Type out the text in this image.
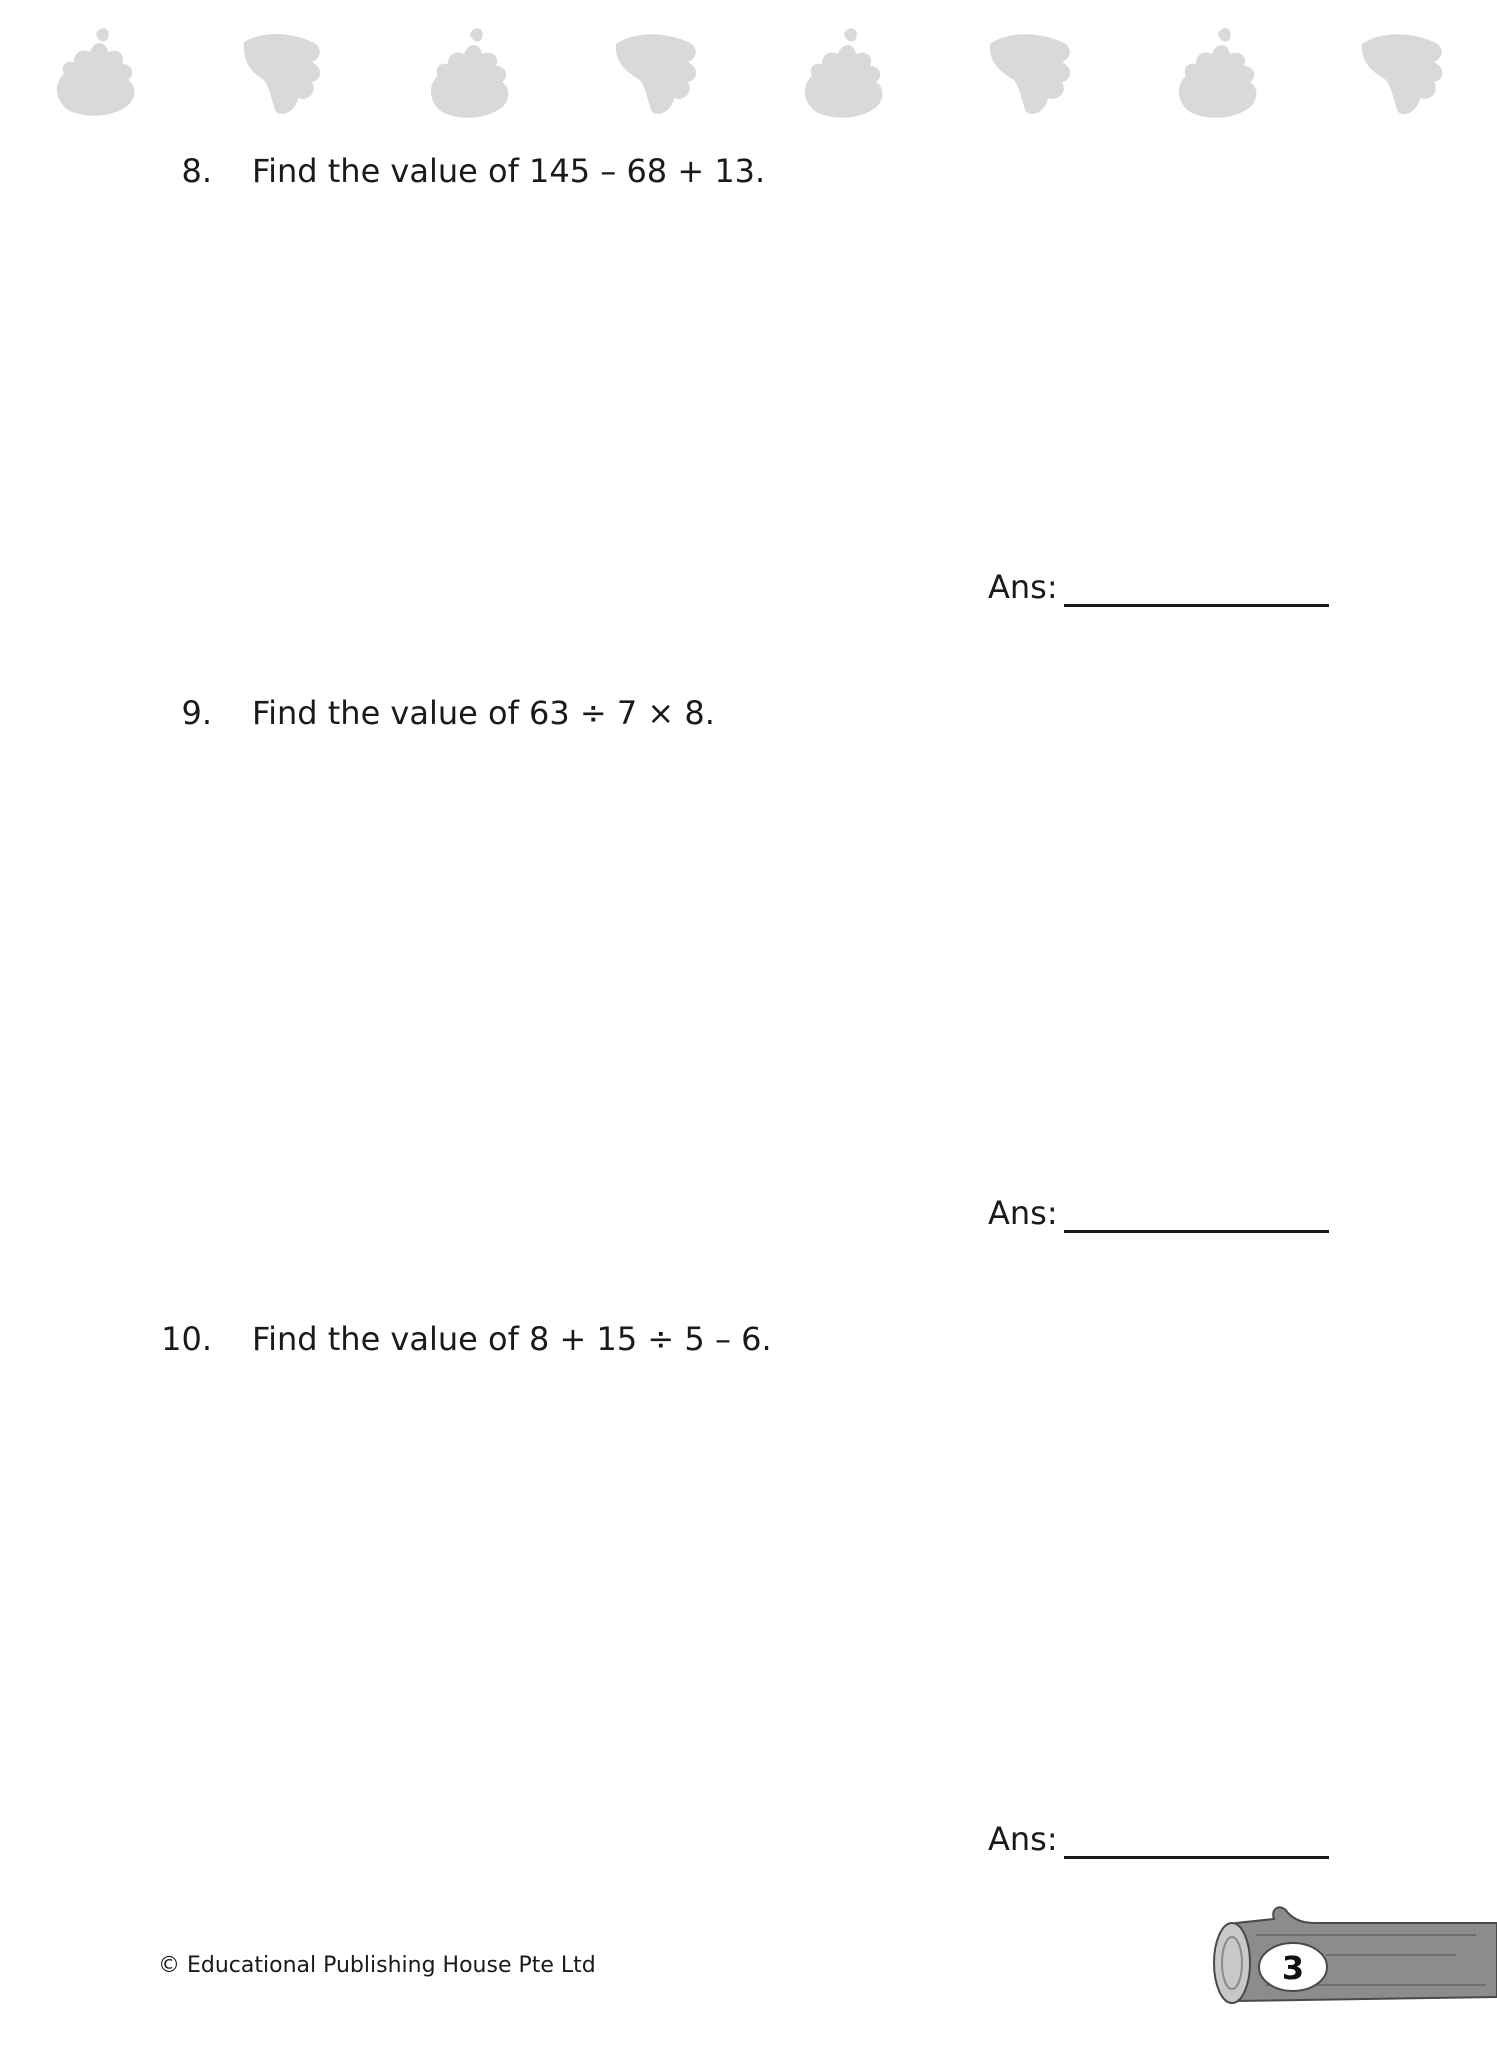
8. Find the value of 145 – 68 + 13.
Ans:
9. Find the value of 63 ÷ 7 × 8.
Ans:
10. Find the value of 8 + 15 ÷ 5 – 6.
Ans:
© Educational Publishing House Pte Ltd	3
